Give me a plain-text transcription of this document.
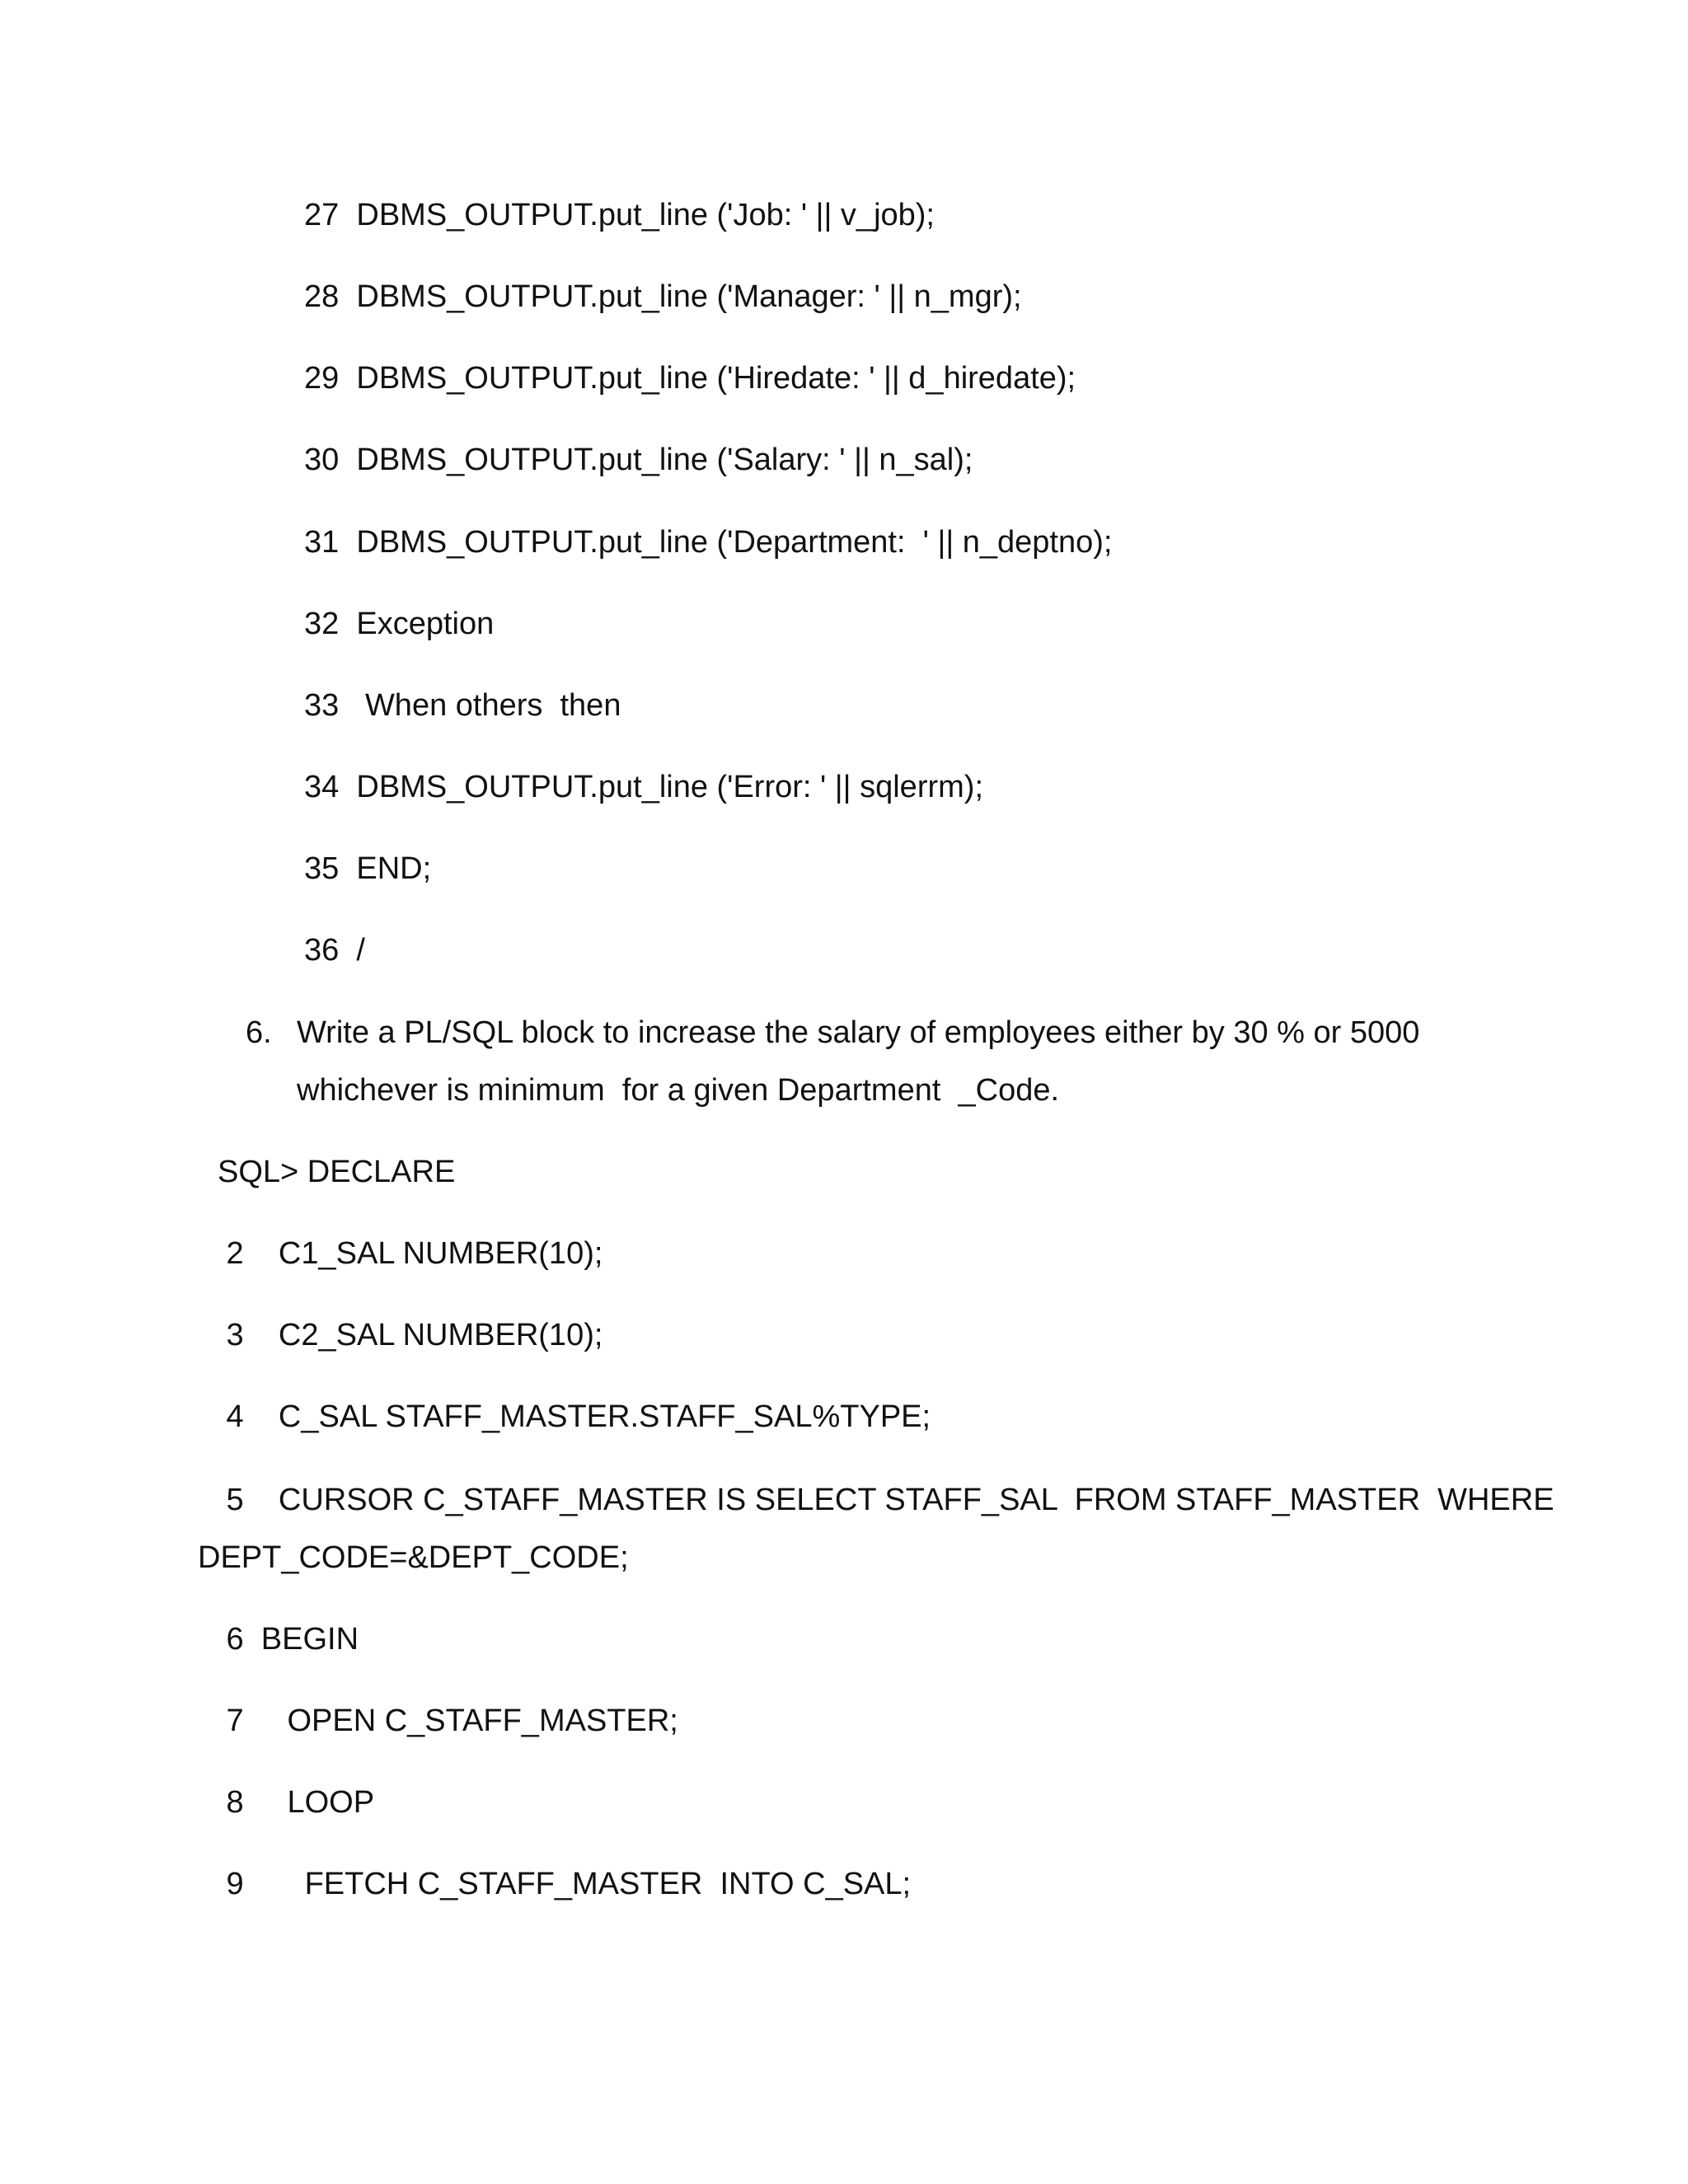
27  DBMS_OUTPUT.put_line ('Job: ' || v_job);
28  DBMS_OUTPUT.put_line ('Manager: ' || n_mgr);
29  DBMS_OUTPUT.put_line ('Hiredate: ' || d_hiredate);
30  DBMS_OUTPUT.put_line ('Salary: ' || n_sal);
31  DBMS_OUTPUT.put_line ('Department:  ' || n_deptno);
32  Exception
33   When others  then
34  DBMS_OUTPUT.put_line ('Error: ' || sqlerrm);
35  END;
36  /
6. Write a PL/SQL block to increase the salary of employees either by 30 % or 5000
whichever is minimum  for a given Department  _Code.
SQL> DECLARE
2    C1_SAL NUMBER(10);
3    C2_SAL NUMBER(10);
4    C_SAL STAFF_MASTER.STAFF_SAL%TYPE;
5    CURSOR C_STAFF_MASTER IS SELECT STAFF_SAL  FROM STAFF_MASTER  WHERE
DEPT_CODE=&DEPT_CODE;
6  BEGIN
7     OPEN C_STAFF_MASTER;
8     LOOP
9       FETCH C_STAFF_MASTER  INTO C_SAL;
